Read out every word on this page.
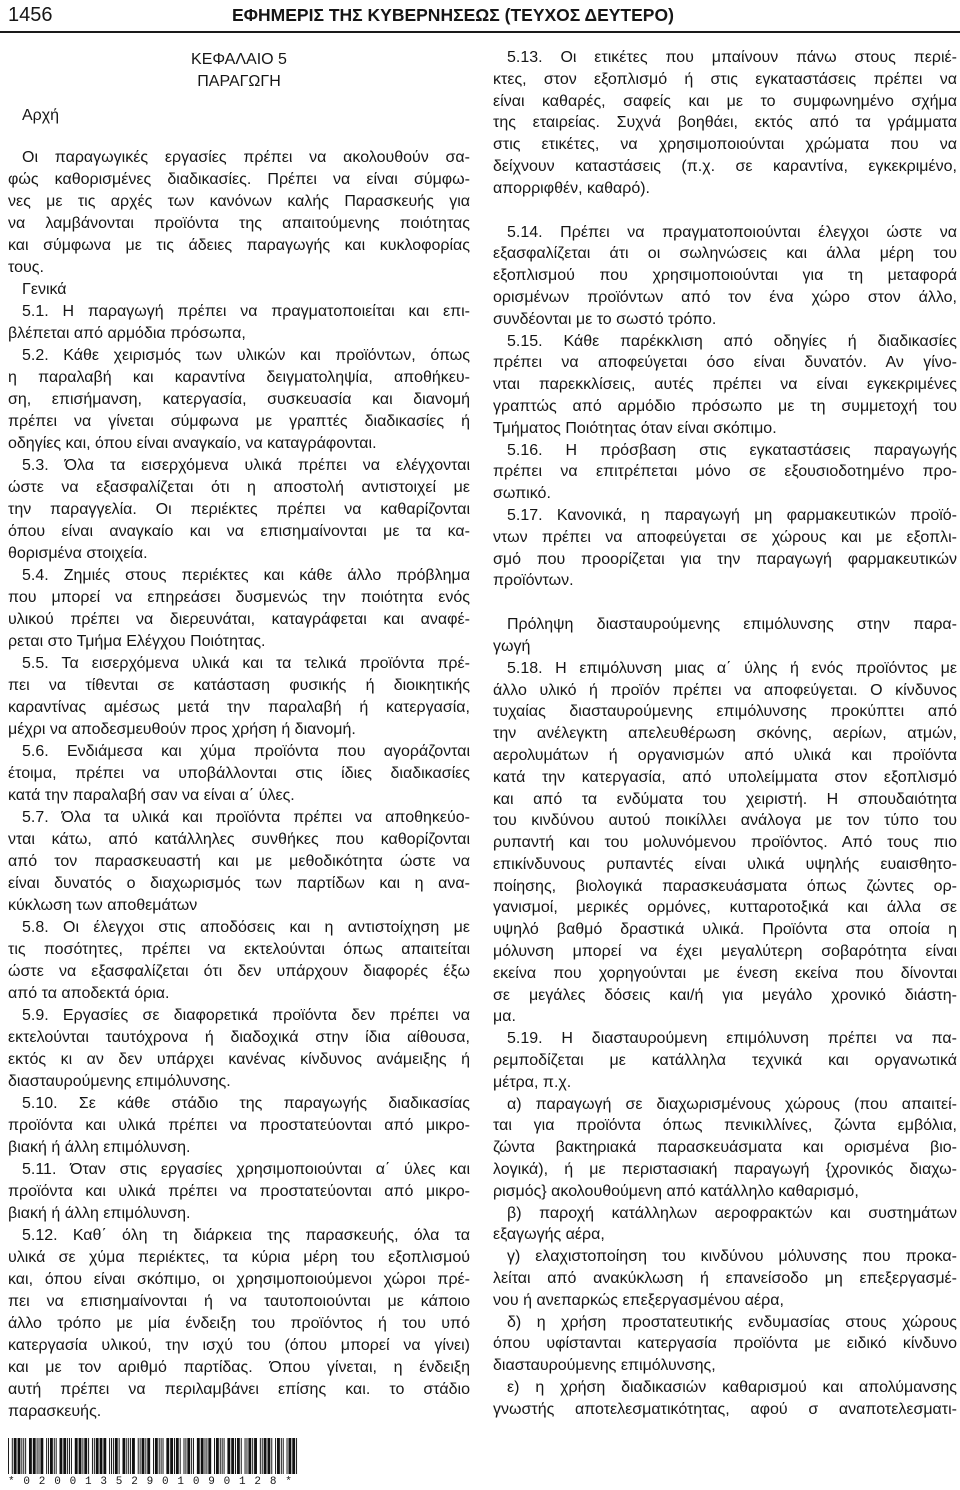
1456	ΕΦΗΜΕΡΙΣ ΤΗΣ ΚΥΒΕΡΝΗΣΕΩΣ (ΤΕΥΧΟΣ ΔΕΥΤΕΡΟ)
ΚΕΦΑΛΑΙΟ 5
ΠΑΡΑΓΩΓΗ
Αρχή
Οι παραγωγικές εργασίες πρέπει να ακολουθούν σα-
φώς καθορισμένες διαδικασίες. Πρέπει να είναι σύμφω-
νες με τις αρχές των κανόνων καλής Παρασκευής για
να λαμβάνονται προϊόντα της απαιτούμενης ποιότητας
και σύμφωνα με τις άδειες παραγωγής και κυκλοφορίας
τους.
Γενικά
5.1. Η παραγωγή πρέπει να πραγματοποιείται και επι-
βλέπεται από αρμόδια πρόσωπα,
5.2. Κάθε χειρισμός των υλικών και προϊόντων, όπως
η παραλαβή και καραντίνα δειγματοληψία, αποθήκευ-
ση, επισήμανση, κατεργασία, συσκευασία και διανομή
πρέπει να γίνεται σύμφωνα με γραπτές διαδικασίες ή
οδηγίες και, όπου είναι αναγκαίο, να καταγράφονται.
5.3. Όλα τα εισερχόμενα υλικά πρέπει να ελέγχονται
ώστε να εξασφαλίζεται ότι η αποστολή αντιστοιχεί με
την παραγγελία. Οι περιέκτες πρέπει να καθαρίζονται
όπου είναι αναγκαίο και να επισημαίνονται με τα κα-
θορισμένα στοιχεία.
5.4. Ζημιές στους περιέκτες και κάθε άλλο πρόβλημα
που μπορεί να επηρεάσει δυσμενώς την ποιότητα ενός
υλικού πρέπει να διερευνάται, καταγράφεται και αναφέ-
ρεται στο Τμήμα Ελέγχου Ποιότητας.
5.5. Τα εισερχόμενα υλικά και τα τελικά προϊόντα πρέ-
πει να τίθενται σε κατάσταση φυσικής ή διοικητικής
καραντίνας αμέσως μετά την παραλαβή ή κατεργασία,
μέχρι να αποδεσμευθούν προς χρήση ή διανομή.
5.6. Ενδιάμεσα και χύμα προϊόντα που αγοράζονται
έτοιμα, πρέπει να υποβάλλονται στις ίδιες διαδικασίες
κατά την παραλαβή σαν να είναι α΄ ύλες.
5.7. Όλα τα υλικά και προϊόντα πρέπει να αποθηκεύο-
νται κάτω, από κατάλληλες συνθήκες που καθορίζονται
από τον παρασκευαστή και με μεθοδικότητα ώστε να
είναι δυνατός ο διαχωρισμός των παρτίδων και η ανα-
κύκλωση των αποθεμάτων
5.8. Οι έλεγχοι στις αποδόσεις και η αντιστοίχηση με
τις ποσότητες, πρέπει να εκτελούνται όπως απαιτείται
ώστε να εξασφαλίζεται ότι δεν υπάρχουν διαφορές έξω
από τα αποδεκτά όρια.
5.9. Εργασίες σε διαφορετικά προϊόντα δεν πρέπει να
εκτελούνται ταυτόχρονα ή διαδοχικά στην ίδια αίθουσα,
εκτός κι αν δεν υπάρχει κανένας κίνδυνος ανάμειξης ή
διασταυρούμενης επιμόλυνσης.
5.10. Σε κάθε στάδιο της παραγωγής διαδικασίας
προϊόντα και υλικά πρέπει να προστατεύονται από μικρο-
βιακή ή άλλη επιμόλυνση.
5.11. Όταν στις εργασίες χρησιμοποιούνται α΄ ύλες και
προϊόντα και υλικά πρέπει να προστατεύονται από μικρο-
βιακή ή άλλη επιμόλυνση.
5.12. Καθ΄ όλη τη διάρκεια της παρασκευής, όλα τα
υλικά σε χύμα περιέκτες, τα κύρια μέρη του εξοπλισμού
και, όπου είναι σκόπιμο, οι χρησιμοποιούμενοι χώροι πρέ-
πει να επισημαίνονται ή να ταυτοποιούνται με κάποιο
άλλο τρόπο με μία ένδειξη του προϊόντος ή του υπό
κατεργασία υλικού, την ισχύ του (όπου μπορεί να γίνει)
και με τον αριθμό παρτίδας. Όπου γίνεται, η ένδειξη
αυτή πρέπει να περιλαμβάνει επίσης και. το στάδιο
παρασκευής.
5.13. Οι ετικέτες που μπαίνουν πάνω στους περιέ-
κτες, στον εξοπλισμό ή στις εγκαταστάσεις πρέπει να
είναι καθαρές, σαφείς και με το συμφωνημένο σχήμα
της εταιρείας. Συχνά βοηθάει, εκτός από τα γράμματα
στις ετικέτες, να χρησιμοποιούνται χρώματα που να
δείχνουν καταστάσεις (π.χ. σε καραντίνα, εγκεκριμένο,
απορριφθέν, καθαρό).
5.14. Πρέπει να πραγματοποιούνται έλεγχοι ώστε να
εξασφαλίζεται άτι οι σωληνώσεις και άλλα μέρη του
εξοπλισμού που χρησιμοποιούνται για τη μεταφορά
ορισμένων προϊόντων από τον ένα χώρο στον άλλο,
συνδέονται με το σωστό τρόπο.
5.15. Κάθε παρέκκλιση από οδηγίες ή διαδικασίες
πρέπει να αποφεύγεται όσο είναι δυνατόν. Αν γίνο-
νται παρεκκλίσεις, αυτές πρέπει να είναι εγκεκριμένες
γραπτώς από αρμόδιο πρόσωπο με τη συμμετοχή του
Τμήματος Ποιότητας όταν είναι σκόπιμο.
5.16. Η πρόσβαση στις εγκαταστάσεις παραγωγής
πρέπει να επιτρέπεται μόνο σε εξουσιοδοτημένο προ-
σωπικό.
5.17. Κανονικά, η παραγωγή μη φαρμακευτικών προϊό-
ντων πρέπει να αποφεύγεται σε χώρους και με εξοπλι-
σμό που προορίζεται για την παραγωγή φαρμακευτικών
προϊόντων.
Πρόληψη διασταυρούμενης επιμόλυνσης στην παρα-
γωγή
5.18. Η επιμόλυνση μιας α΄ ύλης ή ενός προϊόντος με
άλλο υλικό ή προϊόν πρέπει να αποφεύγεται. Ο κίνδυνος
τυχαίας διασταυρούμενης επιμόλυνσης προκύπτει από
την ανέλεγκτη απελευθέρωση σκόνης, αερίων, ατμών,
αερολυμάτων ή οργανισμών από υλικά και προϊόντα
κατά την κατεργασία, από υπολείμματα στον εξοπλισμό
και από τα ενδύματα του χειριστή. Η σπουδαιότητα
του κινδύνου αυτού ποικίλλει ανάλογα με τον τύπο του
ρυπαντή και του μολυνόμενου προϊόντος. Από τους πιο
επικίνδυνους ρυπαντές είναι υλικά υψηλής ευαισθητο-
ποίησης, βιολογικά παρασκευάσματα όπως ζώντες ορ-
γανισμοί, μερικές ορμόνες, κυτταροτοξικά και άλλα σε
υψηλό βαθμό δραστικά υλικά. Προϊόντα στα οποία η
μόλυνση μπορεί να έχει μεγαλύτερη σοβαρότητα είναι
εκείνα που χορηγούνται με ένεση εκείνα που δίνονται
σε μεγάλες δόσεις και/ή για μεγάλο χρονικό διάστη-
μα.
5.19. Η διασταυρούμενη επιμόλυνση πρέπει να πα-
ρεμποδίζεται με κατάλληλα τεχνικά και οργανωτικά
μέτρα, π.χ.
α) παραγωγή σε διαχωρισμένους χώρους (που απαιτεί-
ται για προϊόντα όπως πενικιλλίνες, ζώντα εμβόλια,
ζώντα βακτηριακά παρασκευάσματα και ορισμένα βιο-
λογικά), ή με περιστασιακή παραγωγή {χρονικός διαχω-
ρισμός} ακολουθούμενη από κατάλληλο καθαρισμό,
β) παροχή κατάλληλων αεροφρακτών και συστημάτων
εξαγωγής αέρα,
γ) ελαχιστοποίηση του κινδύνου μόλυνσης που προκα-
λείται από ανακύκλωση ή επανείσοδο μη επεξεργασμέ-
νου ή ανεπαρκώς επεξεργασμένου αέρα,
δ) η χρήση προστατευτικής ενδυμασίας στους χώρους
όπου υφίστανται κατεργασία προϊόντα με ειδικό κίνδυνο
διασταυρούμενης επιμόλυνσης,
ε) η χρήση διαδικασιών καθαρισμού και απολύμανσης
γνωστής αποτελεσματικότητας, αφού σ αναποτελεσματι-
*02001352901090128*
